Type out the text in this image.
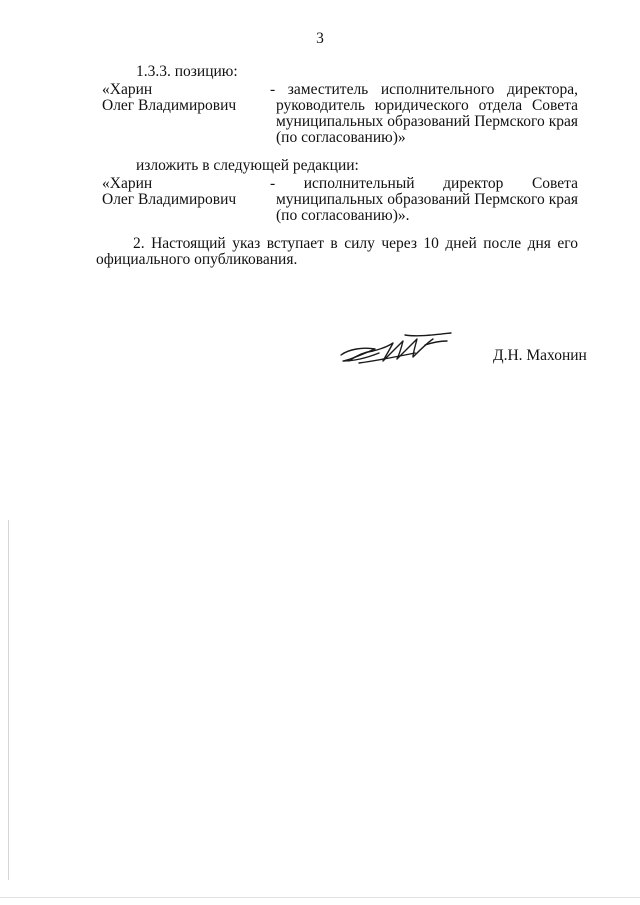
3
1.3.3. позицию:
«Харин
Олег Владимирович
- заместитель исполнительного директора,
руководитель юридического отдела Совета
муниципальных образований Пермского края
(по согласованию)»
изложить в следующей редакции:
«Харин
Олег Владимирович
- исполнительный директор Совета
муниципальных образований Пермского края
(по согласованию)».
2. Настоящий указ вступает в силу через 10 дней после дня его
официального опубликования.
Д.Н. Махонин
